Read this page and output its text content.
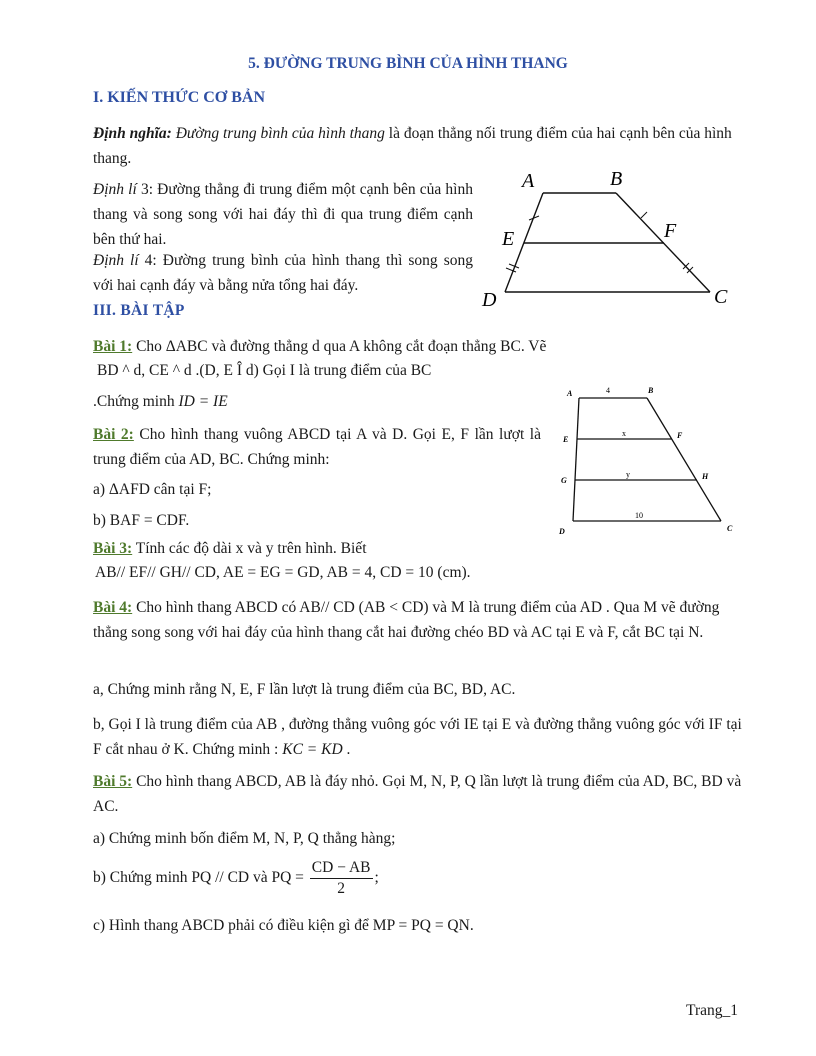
5. ĐƯỜNG TRUNG BÌNH CỦA HÌNH THANG
I. KIẾN THỨC CƠ BẢN
Định nghĩa: Đường trung bình của hình thang là đoạn thẳng nối trung điểm của hai cạnh bên của hình thang.
Định lí 3: Đường thẳng đi trung điểm một cạnh bên của hình thang và song song với hai đáy thì đi qua trung điểm cạnh bên thứ hai.
Định lí 4: Đường trung bình của hình thang thì song song với hai cạnh đáy và bằng nửa tổng hai đáy.
A	B
C
D
E	F
III. BÀI TẬP
Bài 1: Cho ΔABC và đường thẳng d qua A không cắt đoạn thẳng BC. Vẽ
BD ^ d, CE ^ d .(D, E Î d) Gọi I là trung điểm của BC
.Chứng minh ID = IE	A	B
E	F
G	H
D	C
4
x
y
10
Bài 2: Cho hình thang vuông ABCD tại A và D. Gọi E, F lần lượt là trung điểm của AD, BC. Chứng minh:
a) ΔAFD cân tại F;
b) BAF = CDF.
Bài 3: Tính các độ dài x và y trên hình. Biết
AB// EF// GH// CD, AE = EG = GD, AB = 4, CD = 10 (cm).
Bài 4: Cho hình thang ABCD có AB// CD (AB < CD) và M là trung điểm của AD . Qua M vẽ đường thẳng song song với hai đáy của hình thang cắt hai đường chéo BD và AC tại E và F, cắt BC tại N.
a, Chứng minh rằng N, E, F lần lượt là trung điểm của BC, BD, AC.
b, Gọi I là trung điểm của AB , đường thẳng vuông góc với IE tại E và đường thẳng vuông góc với IF tại F cắt nhau ở K. Chứng minh : KC = KD .
Bài 5: Cho hình thang ABCD, AB là đáy nhỏ. Gọi M, N, P, Q lần lượt là trung điểm của AD, BC, BD và AC.
a) Chứng minh bốn điểm M, N, P, Q thẳng hàng;
b) Chứng minh PQ // CD và PQ = $\frac{CD - AB}{2}$ ;
c) Hình thang ABCD phải có điều kiện gì để MP = PQ = QN.
Trang_1
